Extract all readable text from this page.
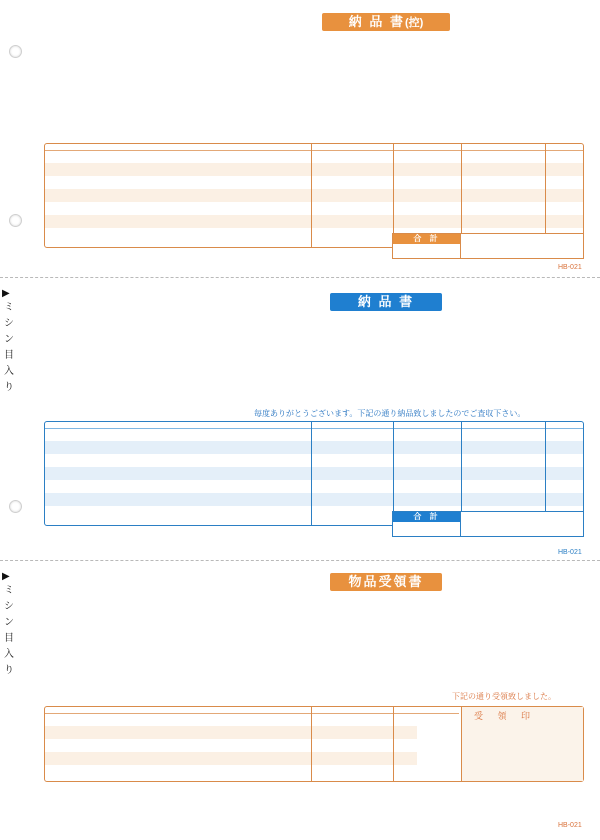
納 品 書(控)
合 計
HB-021
▶
ミ
シ
ン
目
入
り
納 品 書
毎度ありがとうございます。下記の通り納品致しましたのでご査収下さい。
合 計
HB-021
▶
ミ
シ
ン
目
入
り
物品受領書
下記の通り受領致しました。
受 領 印
HB-021
